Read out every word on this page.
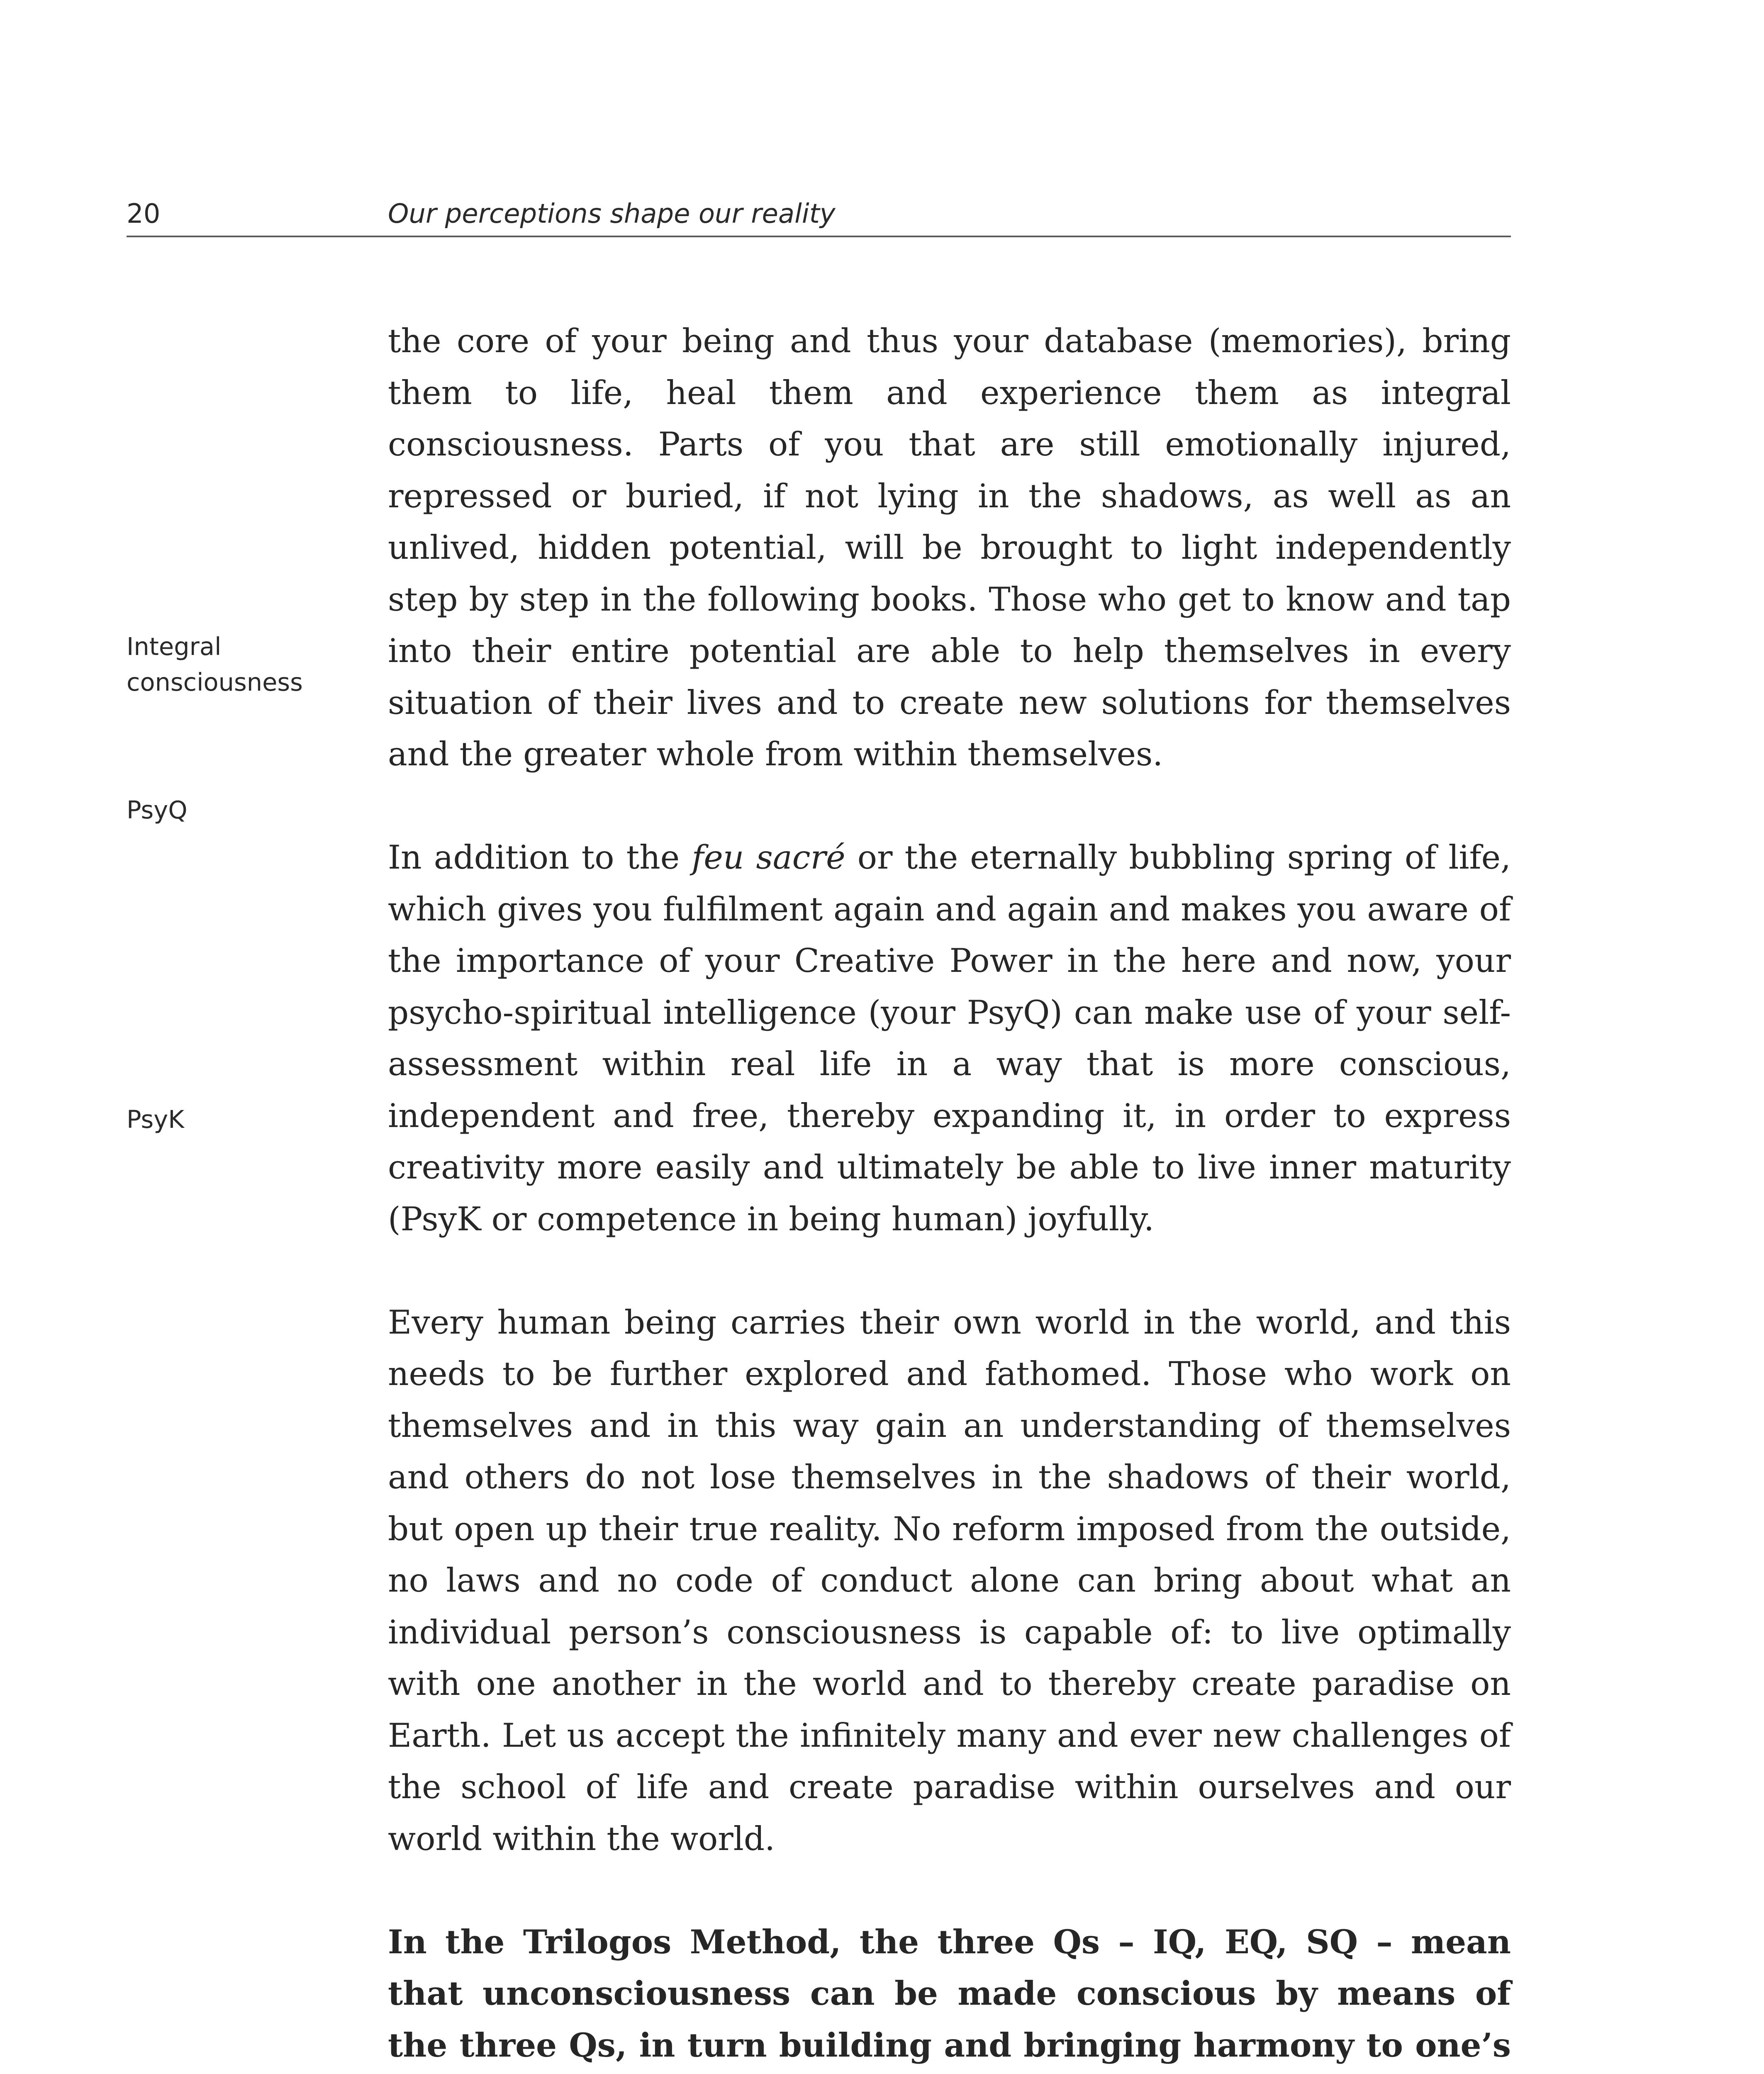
20	Our perceptions shape our reality
Integral
consciousness
PsyQ
PsyK

the core of your being and thus your database (memories), bring them to life, heal them and experience them as integral consciousness. Parts of you that are still emotionally injured, repressed or buried, if not lying in the shadows, as well as an unlived, hidden potential, will be brought to light independently step by step in the following books. Those who get to know and tap into their entire potential are able to help themselves in every situation of their lives and to create new solutions for themselves and the greater whole from within themselves.

In addition to the feu sacré or the eternally bubbling spring of life, which gives you fulfilment again and again and makes you aware of the importance of your Creative Power in the here and now, your psycho-spiritual intelligence (your PsyQ) can make use of your self-assessment within real life in a way that is more conscious, independent and free, thereby expanding it, in order to express creativity more easily and ultimately be able to live inner maturity (PsyK or competence in being human) joyfully.

Every human being carries their own world in the world, and this needs to be further explored and fathomed. Those who work on themselves and in this way gain an understanding of themselves and others do not lose themselves in the shadows of their world, but open up their true reality. No reform imposed from the outside, no laws and no code of conduct alone can bring about what an individual person’s consciousness is capable of: to live optimally with one another in the world and to thereby create paradise on Earth. Let us accept the infinitely many and ever new challenges of the school of life and create paradise within ourselves and our world within the world.

In the Trilogos Method, the three Qs – IQ, EQ, SQ – mean that unconsciousness can be made conscious by means of the three Qs, in turn building and bringing harmony to one’s
